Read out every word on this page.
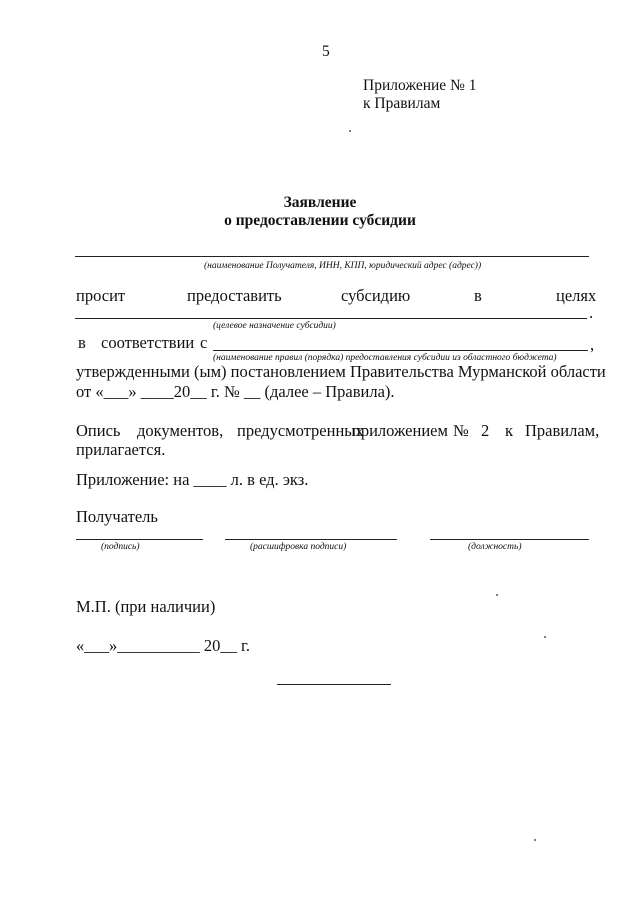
5
Приложение № 1
к Правилам
Заявление
о предоставлении субсидии
(наименование Получателя, ИНН, КПП, юридический адрес (адрес))
просит	предоставить	субсидию	в	целях
.
(целевое назначение субсидии)
в соответствии с	,
(наименование правил (порядка) предоставления субсидии из областного бюджета)
утвержденными (ым) постановлением Правительства Мурманской области
от «___» ____20__ г. № __ (далее – Правила).
Опись документов, предусмотренных
приложением № 2 к Правилам,
прилагается.
Приложение: на ____ л. в ед. экз.
Получатель
(подпись)	(расшифровка подписи)	(должность)
М.П. (при наличии)
«___»__________ 20__ г.
